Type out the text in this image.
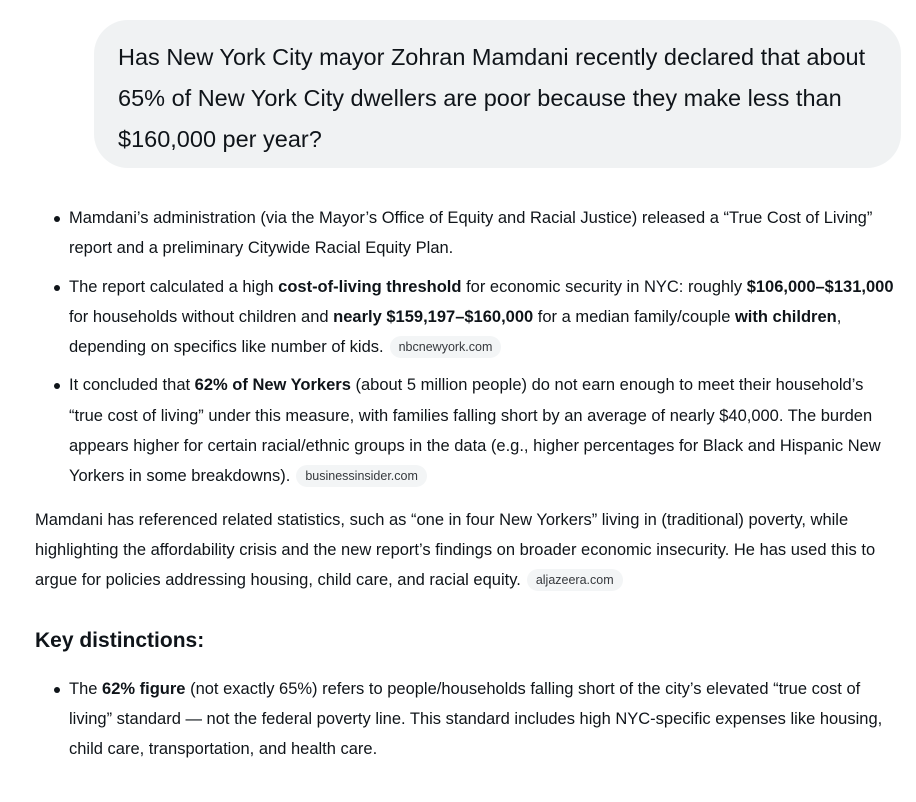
Has New York City mayor Zohran Mamdani recently declared that about 65% of New York City dwellers are poor because they make less than $160,000 per year?
Mamdani’s administration (via the Mayor’s Office of Equity and Racial Justice) released a “True Cost of Living” report and a preliminary Citywide Racial Equity Plan.
The report calculated a high cost-of-living threshold for economic security in NYC: roughly $106,000–$131,000 for households without children and nearly $159,197–$160,000 for a median family/couple with children, depending on specifics like number of kids. nbcnewyork.com
It concluded that 62% of New Yorkers (about 5 million people) do not earn enough to meet their household’s “true cost of living” under this measure, with families falling short by an average of nearly $40,000. The burden appears higher for certain racial/ethnic groups in the data (e.g., higher percentages for Black and Hispanic New Yorkers in some breakdowns). businessinsider.com

Mamdani has referenced related statistics, such as “one in four New Yorkers” living in (traditional) poverty, while highlighting the affordability crisis and the new report’s findings on broader economic insecurity. He has used this to argue for policies addressing housing, child care, and racial equity. aljazeera.com

Key distinctions:
The 62% figure (not exactly 65%) refers to people/households falling short of the city’s elevated “true cost of living” standard — not the federal poverty line. This standard includes high NYC-specific expenses like housing, child care, transportation, and health care.
